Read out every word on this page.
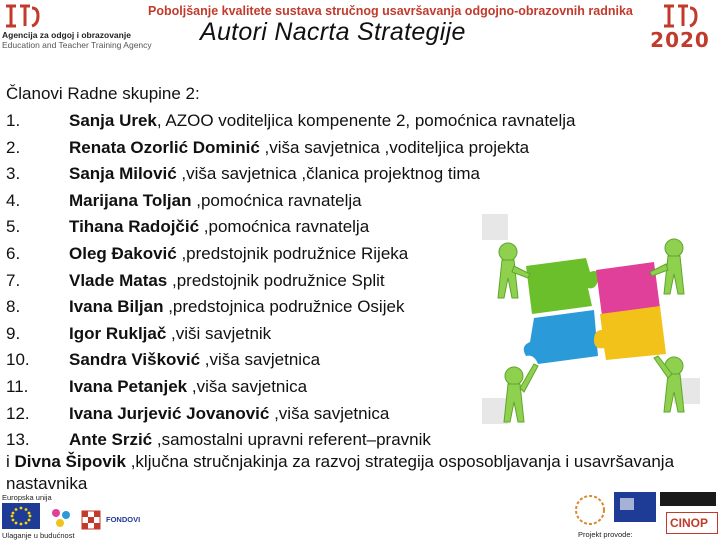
Agencija za odgoj i obrazovanje
Education and Teacher Training Agency
Poboljšanje kvalitete sustava stručnog usavršavanja odgojno-obrazovnih radnika
Autori Nacrta Strategije	2020
Članovi Radne skupine 2:
1.	Sanja Urek, AZOO voditeljica kompenente 2, pomoćnica ravnatelja
2.	Renata Ozorlić Dominić ,viša savjetnica ,voditeljica projekta
3.	Sanja Milović ,viša savjetnica ,članica projektnog tima
4.	Marijana Toljan ,pomoćnica ravnatelja
5.	Tihana Radojčić ,pomoćnica ravnatelja
6.	Oleg Đaković ,predstojnik podružnice Rijeka
7.	Vlade Matas ,predstojnik podružnice Split
8.	Ivana Biljan ,predstojnica podružnice Osijek
9.	Igor Rukljač ,viši savjetnik
10. Sandra Višković ,viša savjetnica
11. Ivana Petanjek ,viša savjetnica
12. Ivana Jurjević Jovanović ,viša savjetnica
13. Ante Srzić ,samostalni upravni referent–pravnik
i Divna Šipovik ,ključna stručnjakinja za razvoj strategija osposobljavanja i usavršavanja nastavnika
Europska unija
Ulaganje u budućnost
FONDOVI	CINOP
Projekt provode:
